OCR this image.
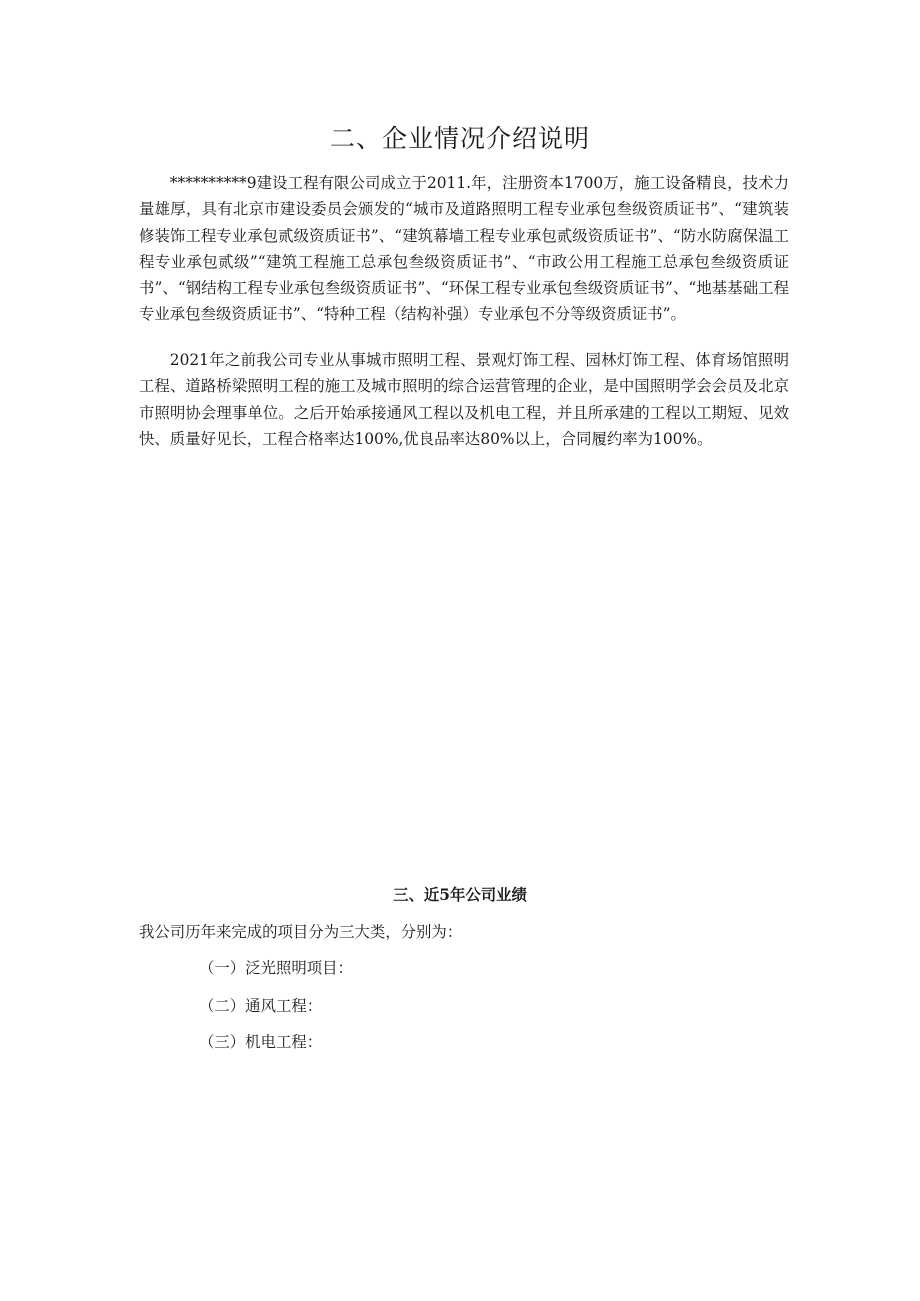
二、企业情况介绍说明

**********9建设工程有限公司成立于2011.年，注册资本1700万，施工设备精良，技术力量雄厚，具有北京市建设委员会颁发的“城市及道路照明工程专业承包叁级资质证书”、“建筑装修装饰工程专业承包贰级资质证书”、“建筑幕墙工程专业承包贰级资质证书”、“防水防腐保温工程专业承包贰级”“建筑工程施工总承包叁级资质证书”、“市政公用工程施工总承包叁级资质证书”、“钢结构工程专业承包叁级资质证书”、“环保工程专业承包叁级资质证书”、“地基基础工程专业承包叁级资质证书”、“特种工程（结构补强）专业承包不分等级资质证书”。

2021年之前我公司专业从事城市照明工程、景观灯饰工程、园林灯饰工程、体育场馆照明工程、道路桥梁照明工程的施工及城市照明的综合运营管理的企业，是中国照明学会会员及北京市照明协会理事单位。之后开始承接通风工程以及机电工程，并且所承建的工程以工期短、见效快、质量好见长，工程合格率达100%,优良品率达80%以上，合同履约率为100%。

三、近5年公司业绩

我公司历年来完成的项目分为三大类，分别为：

（一）泛光照明项目：

（二）通风工程：

（三）机电工程：
